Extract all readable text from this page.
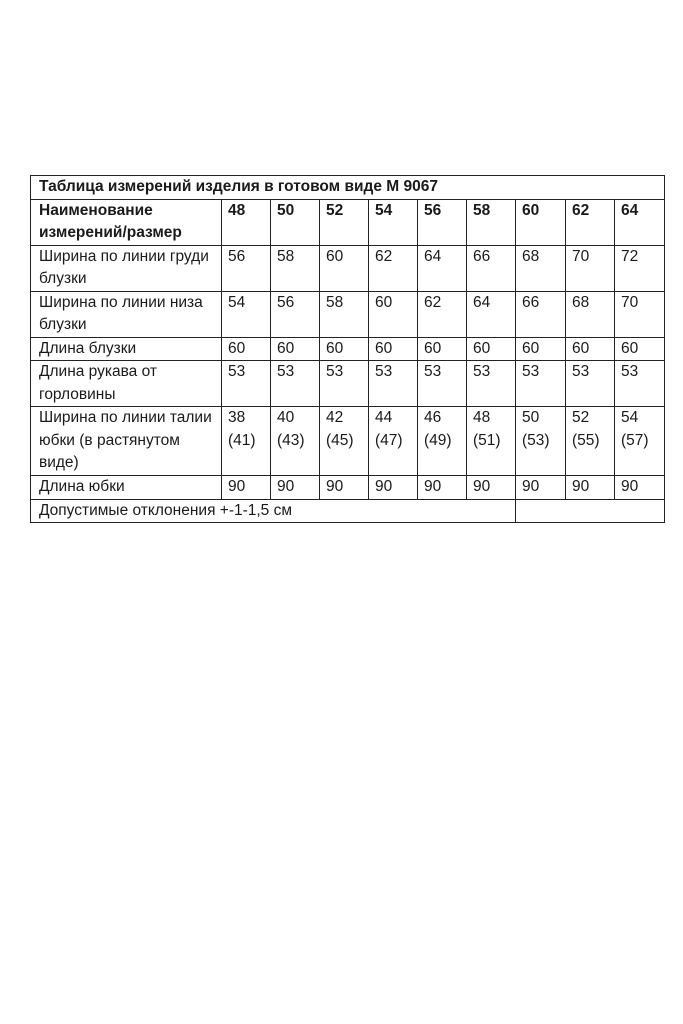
Таблица измерений изделия в готовом виде М 9067									
Наименование измерений/размер	48	50	52	54	56	58	60	62	64
Ширина по линии груди блузки	56	58	60	62	64	66	68	70	72
Ширина по линии низа блузки	54	56	58	60	62	64	66	68	70
Длина блузки	60	60	60	60	60	60	60	60	60
Длина рукава от горловины	53	53	53	53	53	53	53	53	53
Ширина по линии талии юбки (в растянутом виде)	38 (41)	40 (43)	42 (45)	44 (47)	46 (49)	48 (51)	50 (53)	52 (55)	54 (57)
Длина юбки	90	90	90	90	90	90	90	90	90
Допустимые отклонения +-1-1,5 см									
